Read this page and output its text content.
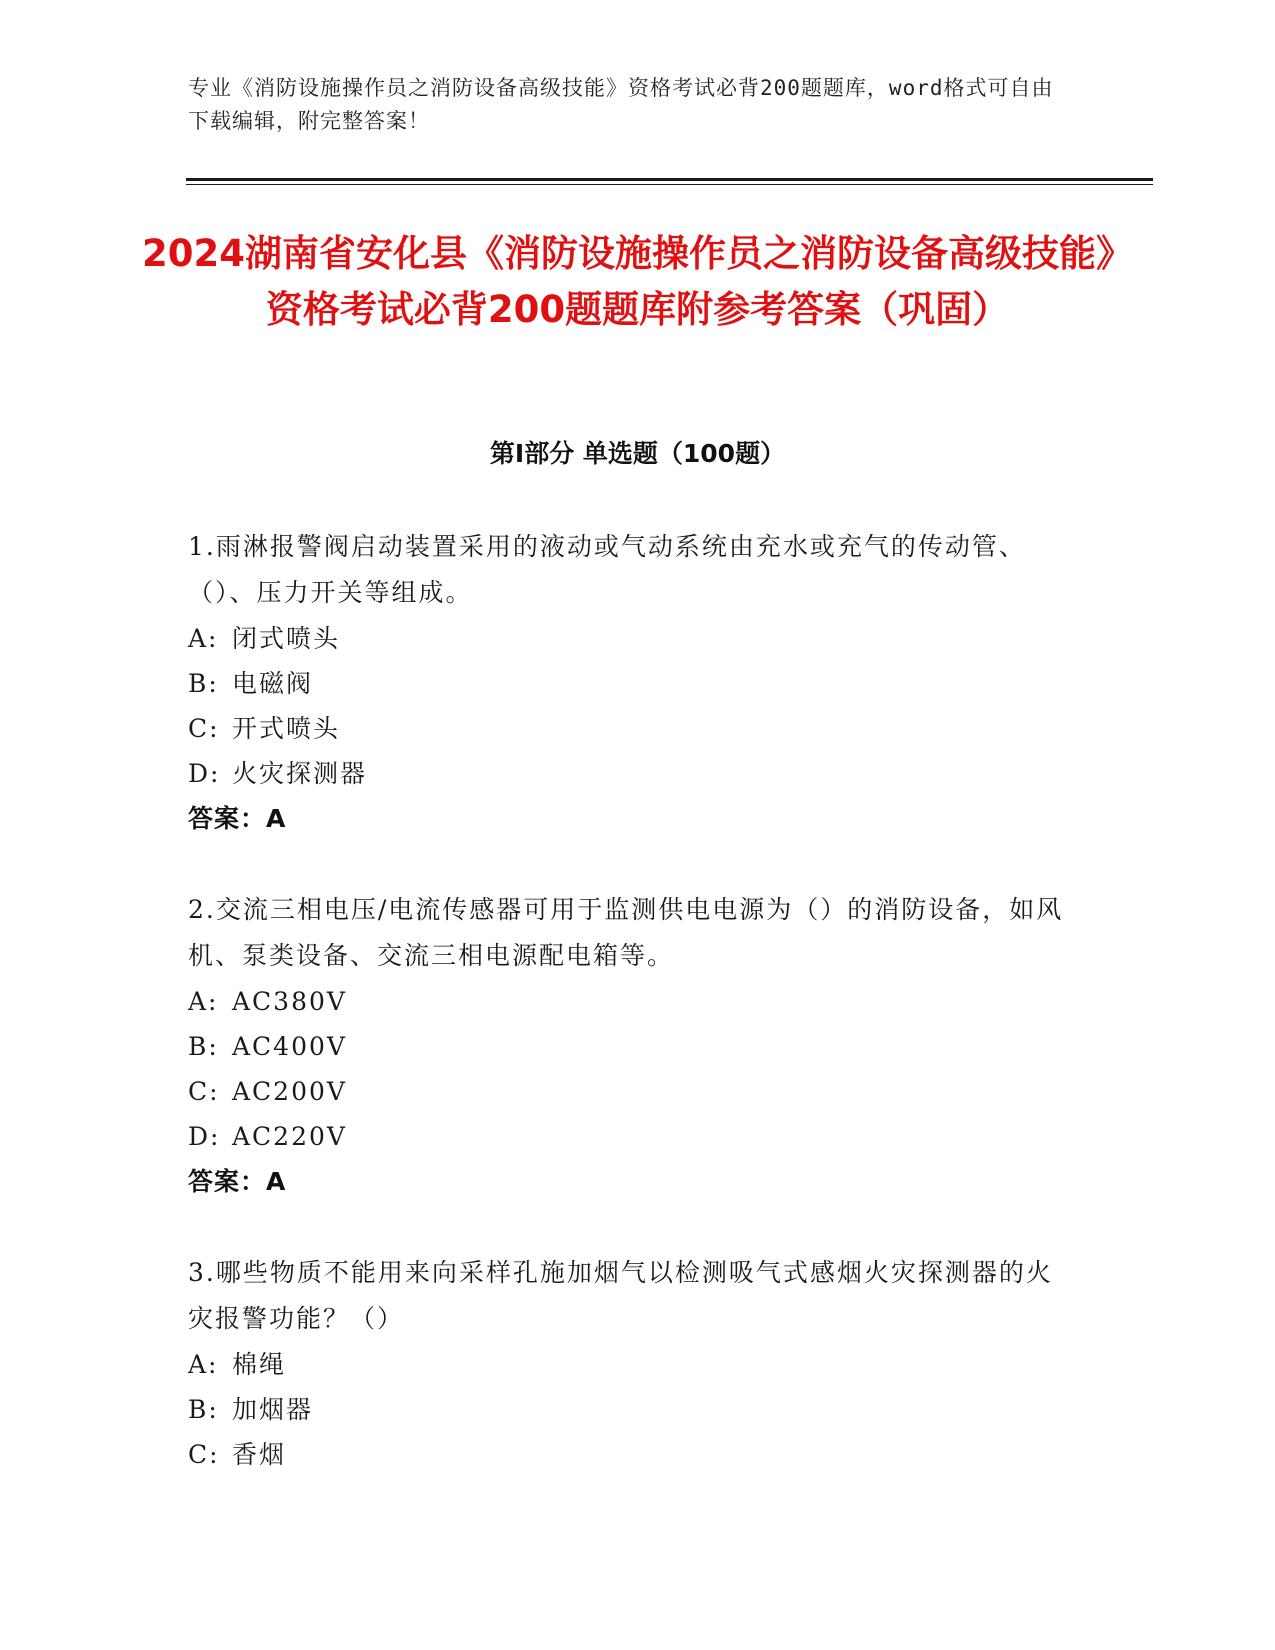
专业《消防设施操作员之消防设备高级技能》资格考试必背200题题库，word格式可自由下载编辑，附完整答案！
2024湖南省安化县《消防设施操作员之消防设备高级技能》资格考试必背200题题库附参考答案（巩固）
第Ⅰ部分 单选题（100题）
1.雨淋报警阀启动装置采用的液动或气动系统由充水或充气的传动管、（）、压力开关等组成。
A: 闭式喷头
B: 电磁阀
C: 开式喷头
D: 火灾探测器
答案：A
2.交流三相电压/电流传感器可用于监测供电电源为（）的消防设备，如风机、泵类设备、交流三相电源配电箱等。
A: AC380V
B: AC400V
C: AC200V
D: AC220V
答案：A
3.哪些物质不能用来向采样孔施加烟气以检测吸气式感烟火灾探测器的火灾报警功能？（）
A: 棉绳
B: 加烟器
C: 香烟
